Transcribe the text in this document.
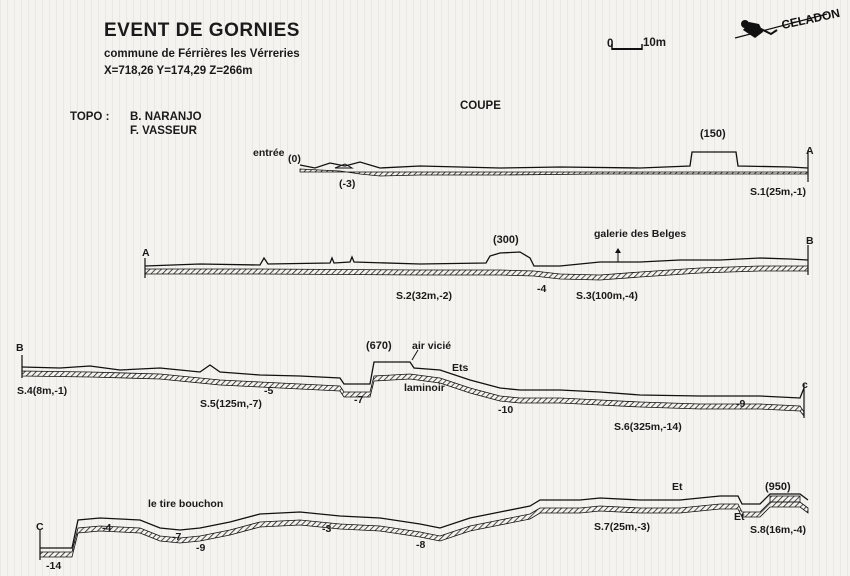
EVENT DE GORNIES
commune de Férrières les Vérreries
X=718,26 Y=174,29 Z=266m
TOPO : B. NARANJO
F. VASSEUR
COUPE
0	10m
CELADON
entrée (0)
(-3)
(150)
A
S.1(25m,-1)
(300)	galerie des Belges
A
B
-4
S.2(32m,-2)	S.3(100m,-4)
B	(670) air vicié
Ets
laminoir
S.4(8m,-1)	-5
S.5(125m,-7)	-7
-10	-9
c
S.6(325m,-14)
le tire bouchon
Et	(950)
Et
C	-4
-7
-9
-3
-8
S.7(25m,-3)	S.8(16m,-4)
-14
